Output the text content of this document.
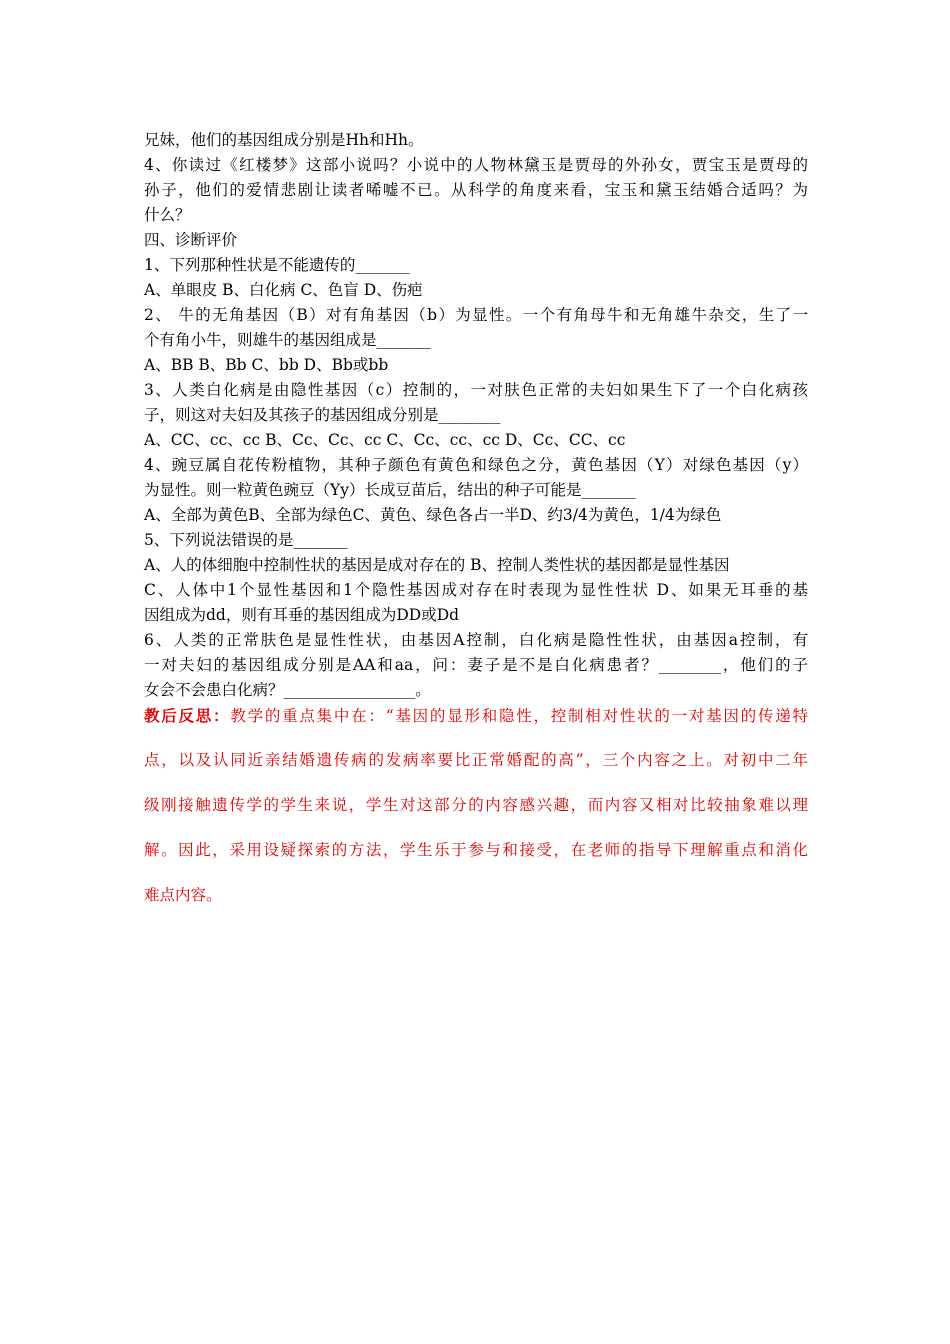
兄妹，他们的基因组成分别是Hh和Hh。
4、你读过《红楼梦》这部小说吗？小说中的人物林黛玉是贾母的外孙女，贾宝玉是贾母的
孙子，他们的爱情悲剧让读者唏嘘不已。从科学的角度来看，宝玉和黛玉结婚合适吗？为
什么？
四、诊断评价
1、下列那种性状是不能遗传的_______
A、单眼皮 B、白化病 C、色盲 D、伤疤
2、 牛的无角基因（B）对有角基因（b）为显性。一个有角母牛和无角雄牛杂交，生了一
个有角小牛，则雄牛的基因组成是_______
A、BB B、Bb C、bb D、Bb或bb
3、人类白化病是由隐性基因（c）控制的，一对肤色正常的夫妇如果生下了一个白化病孩
子，则这对夫妇及其孩子的基因组成分别是________
A、CC、cc、cc B、Cc、Cc、cc C、Cc、cc、cc D、Cc、CC、cc
4、豌豆属自花传粉植物，其种子颜色有黄色和绿色之分，黄色基因（Y）对绿色基因（y）
为显性。则一粒黄色豌豆（Yy）长成豆苗后，结出的种子可能是_______
A、全部为黄色B、全部为绿色C、黄色、绿色各占一半D、约3/4为黄色，1/4为绿色
5、下列说法错误的是_______
A、人的体细胞中控制性状的基因是成对存在的 B、控制人类性状的基因都是显性基因
C、人体中1个显性基因和1个隐性基因成对存在时表现为显性性状 D、如果无耳垂的基
因组成为dd，则有耳垂的基因组成为DD或Dd
6、人类的正常肤色是显性性状，由基因A控制，白化病是隐性性状，由基因a控制，有
一对夫妇的基因组成分别是AA和aa，问：妻子是不是白化病患者？________，他们的子
女会不会患白化病？_________________。
教后反思：教学的重点集中在：“基因的显形和隐性，控制相对性状的一对基因的传递特
点，以及认同近亲结婚遗传病的发病率要比正常婚配的高”，三个内容之上。对初中二年
级刚接触遗传学的学生来说，学生对这部分的内容感兴趣，而内容又相对比较抽象难以理
解。因此，采用设疑探索的方法，学生乐于参与和接受，在老师的指导下理解重点和消化
难点内容。
